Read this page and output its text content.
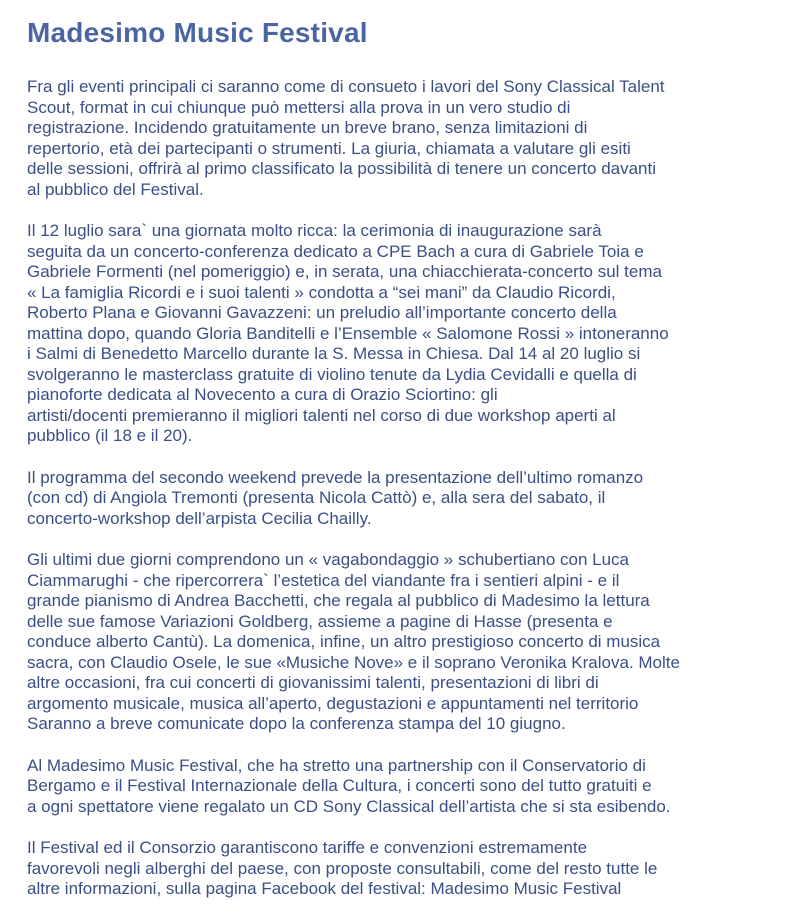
Madesimo Music Festival

Fra gli eventi principali ci saranno come di consueto i lavori del Sony Classical Talent
Scout, format in cui chiunque può mettersi alla prova in un vero studio di
registrazione. Incidendo gratuitamente un breve brano, senza limitazioni di
repertorio, età dei partecipanti o strumenti. La giuria, chiamata a valutare gli esiti
delle sessioni, offrirà al primo classificato la possibilità di tenere un concerto davanti
al pubblico del Festival.

Il 12 luglio sara` una giornata molto ricca: la cerimonia di inaugurazione sarà
seguita da un concerto-conferenza dedicato a CPE Bach a cura di Gabriele Toia e
Gabriele Formenti (nel pomeriggio) e, in serata, una chiacchierata-concerto sul tema
« La famiglia Ricordi e i suoi talenti » condotta a “sei mani” da Claudio Ricordi,
Roberto Plana e Giovanni Gavazzeni: un preludio all’importante concerto della
mattina dopo, quando Gloria Banditelli e l’Ensemble « Salomone Rossi » intoneranno
i Salmi di Benedetto Marcello durante la S. Messa in Chiesa. Dal 14 al 20 luglio si
svolgeranno le masterclass gratuite di violino tenute da Lydia Cevidalli e quella di
pianoforte dedicata al Novecento a cura di Orazio Sciortino: gli
artisti/docenti premieranno il migliori talenti nel corso di due workshop aperti al
pubblico (il 18 e il 20).

Il programma del secondo weekend prevede la presentazione dell’ultimo romanzo
(con cd) di Angiola Tremonti (presenta Nicola Cattò) e, alla sera del sabato, il
concerto-workshop dell’arpista Cecilia Chailly.

Gli ultimi due giorni comprendono un « vagabondaggio » schubertiano con Luca
Ciammarughi - che ripercorrera` l’estetica del viandante fra i sentieri alpini - e il
grande pianismo di Andrea Bacchetti, che regala al pubblico di Madesimo la lettura
delle sue famose Variazioni Goldberg, assieme a pagine di Hasse (presenta e
conduce alberto Cantù). La domenica, infine, un altro prestigioso concerto di musica
sacra, con Claudio Osele, le sue «Musiche Nove» e il soprano Veronika Kralova. Molte
altre occasioni, fra cui concerti di giovanissimi talenti, presentazioni di libri di
argomento musicale, musica all’aperto, degustazioni e appuntamenti nel territorio
Saranno a breve comunicate dopo la conferenza stampa del 10 giugno.

Al Madesimo Music Festival, che ha stretto una partnership con il Conservatorio di
Bergamo e il Festival Internazionale della Cultura, i concerti sono del tutto gratuiti e
a ogni spettatore viene regalato un CD Sony Classical dell’artista che si sta esibendo.

Il Festival ed il Consorzio garantiscono tariffe e convenzioni estremamente
favorevoli negli alberghi del paese, con proposte consultabili, come del resto tutte le
altre informazioni, sulla pagina Facebook del festival: Madesimo Music Festival
